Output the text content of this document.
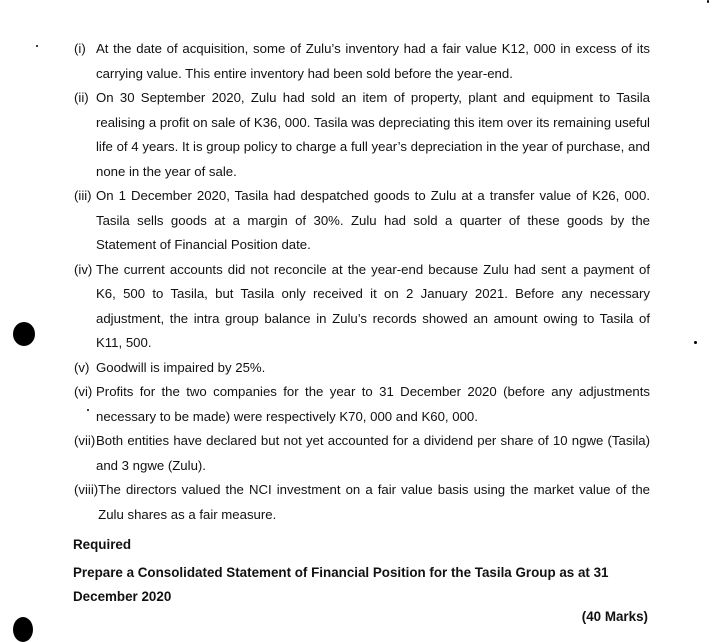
(i) At the date of acquisition, some of Zulu’s inventory had a fair value K12, 000 in excess of its carrying value. This entire inventory had been sold before the year-end.
(ii) On 30 September 2020, Zulu had sold an item of property, plant and equipment to Tasila realising a profit on sale of K36, 000. Tasila was depreciating this item over its remaining useful life of 4 years. It is group policy to charge a full year’s depreciation in the year of purchase, and none in the year of sale.
(iii) On 1 December 2020, Tasila had despatched goods to Zulu at a transfer value of K26, 000. Tasila sells goods at a margin of 30%. Zulu had sold a quarter of these goods by the Statement of Financial Position date.
(iv) The current accounts did not reconcile at the year-end because Zulu had sent a payment of K6, 500 to Tasila, but Tasila only received it on 2 January 2021. Before any necessary adjustment, the intra group balance in Zulu’s records showed an amount owing to Tasila of K11, 500.
(v) Goodwill is impaired by 25%.
(vi) Profits for the two companies for the year to 31 December 2020 (before any adjustments necessary to be made) were respectively K70, 000 and K60, 000.
(vii) Both entities have declared but not yet accounted for a dividend per share of 10 ngwe (Tasila) and 3 ngwe (Zulu).
(viii) The directors valued the NCI investment on a fair value basis using the market value of the Zulu shares as a fair measure.
Required
Prepare a Consolidated Statement of Financial Position for the Tasila Group as at 31 December 2020
(40 Marks)
